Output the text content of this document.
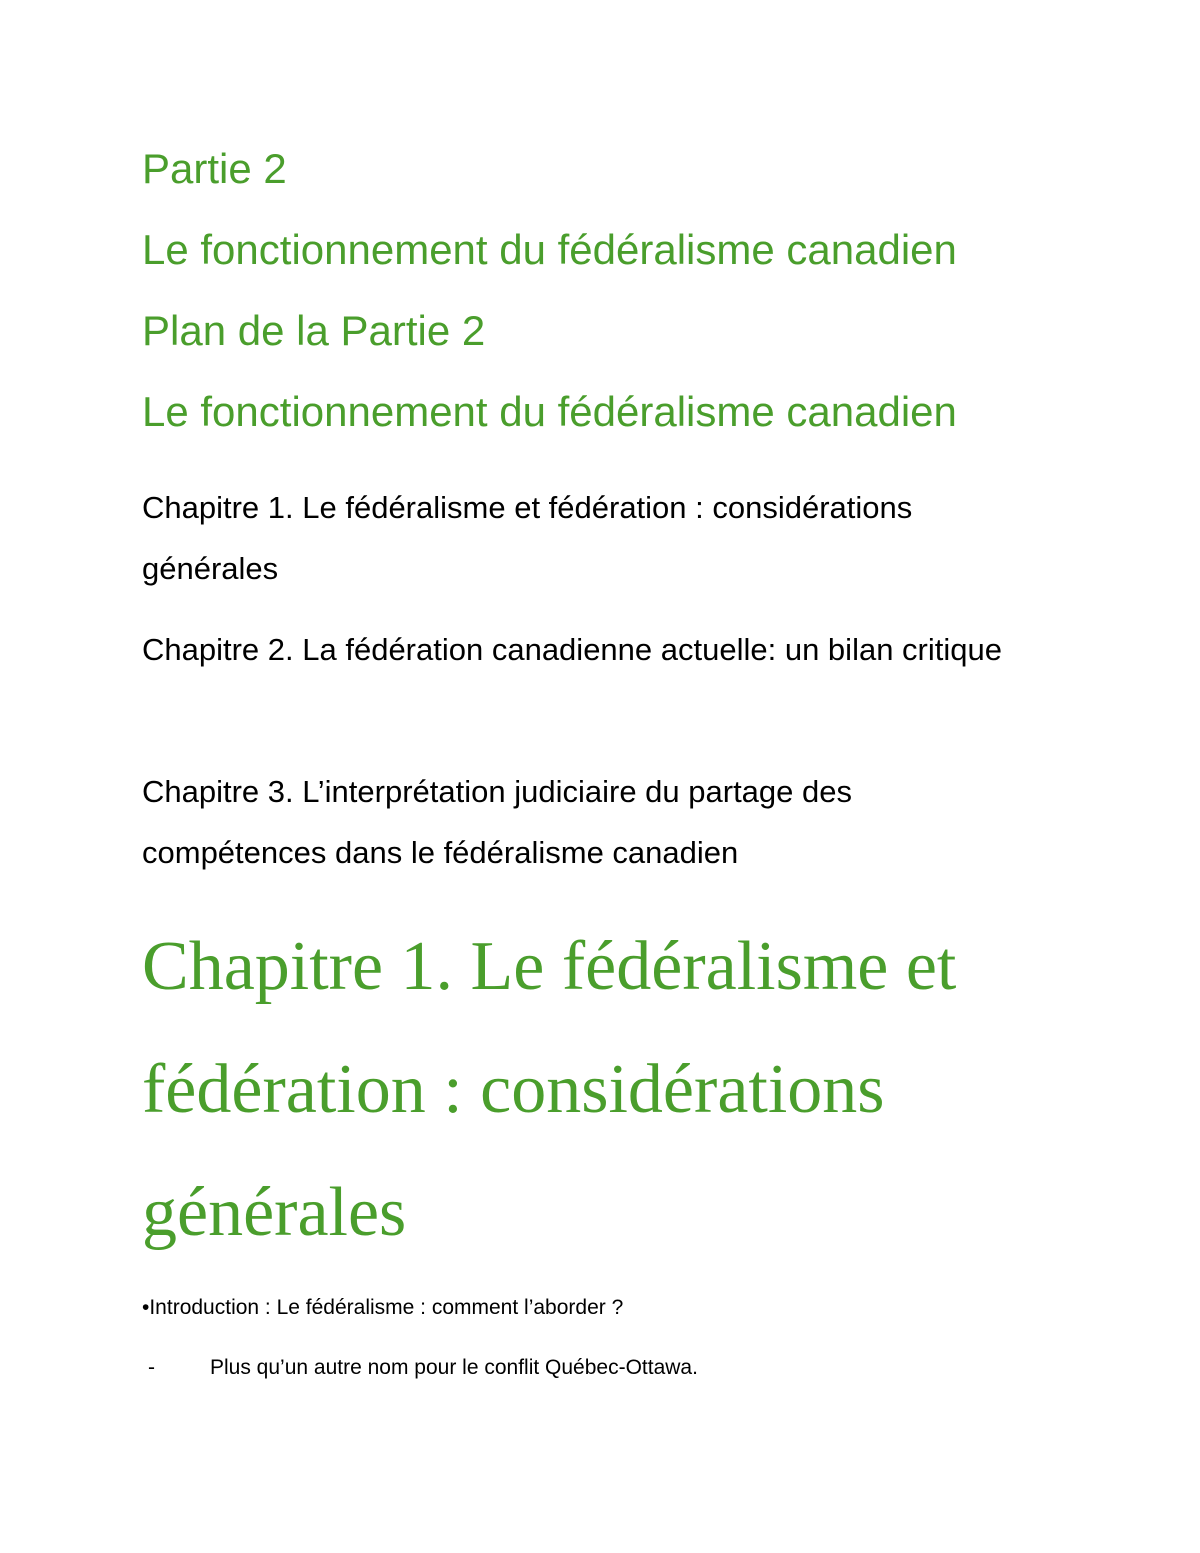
Partie 2
Le fonctionnement du fédéralisme canadien
Plan de la Partie 2
Le fonctionnement du fédéralisme canadien

Chapitre 1. Le fédéralisme et fédération : considérations générales

Chapitre 2. La fédération canadienne actuelle: un bilan critique

Chapitre 3. L’interprétation judiciaire du partage des compétences dans le fédéralisme canadien

Chapitre 1. Le fédéralisme et fédération : considérations générales

•Introduction : Le fédéralisme : comment l’aborder ?

-	Plus qu’un autre nom pour le conflit Québec-Ottawa.
